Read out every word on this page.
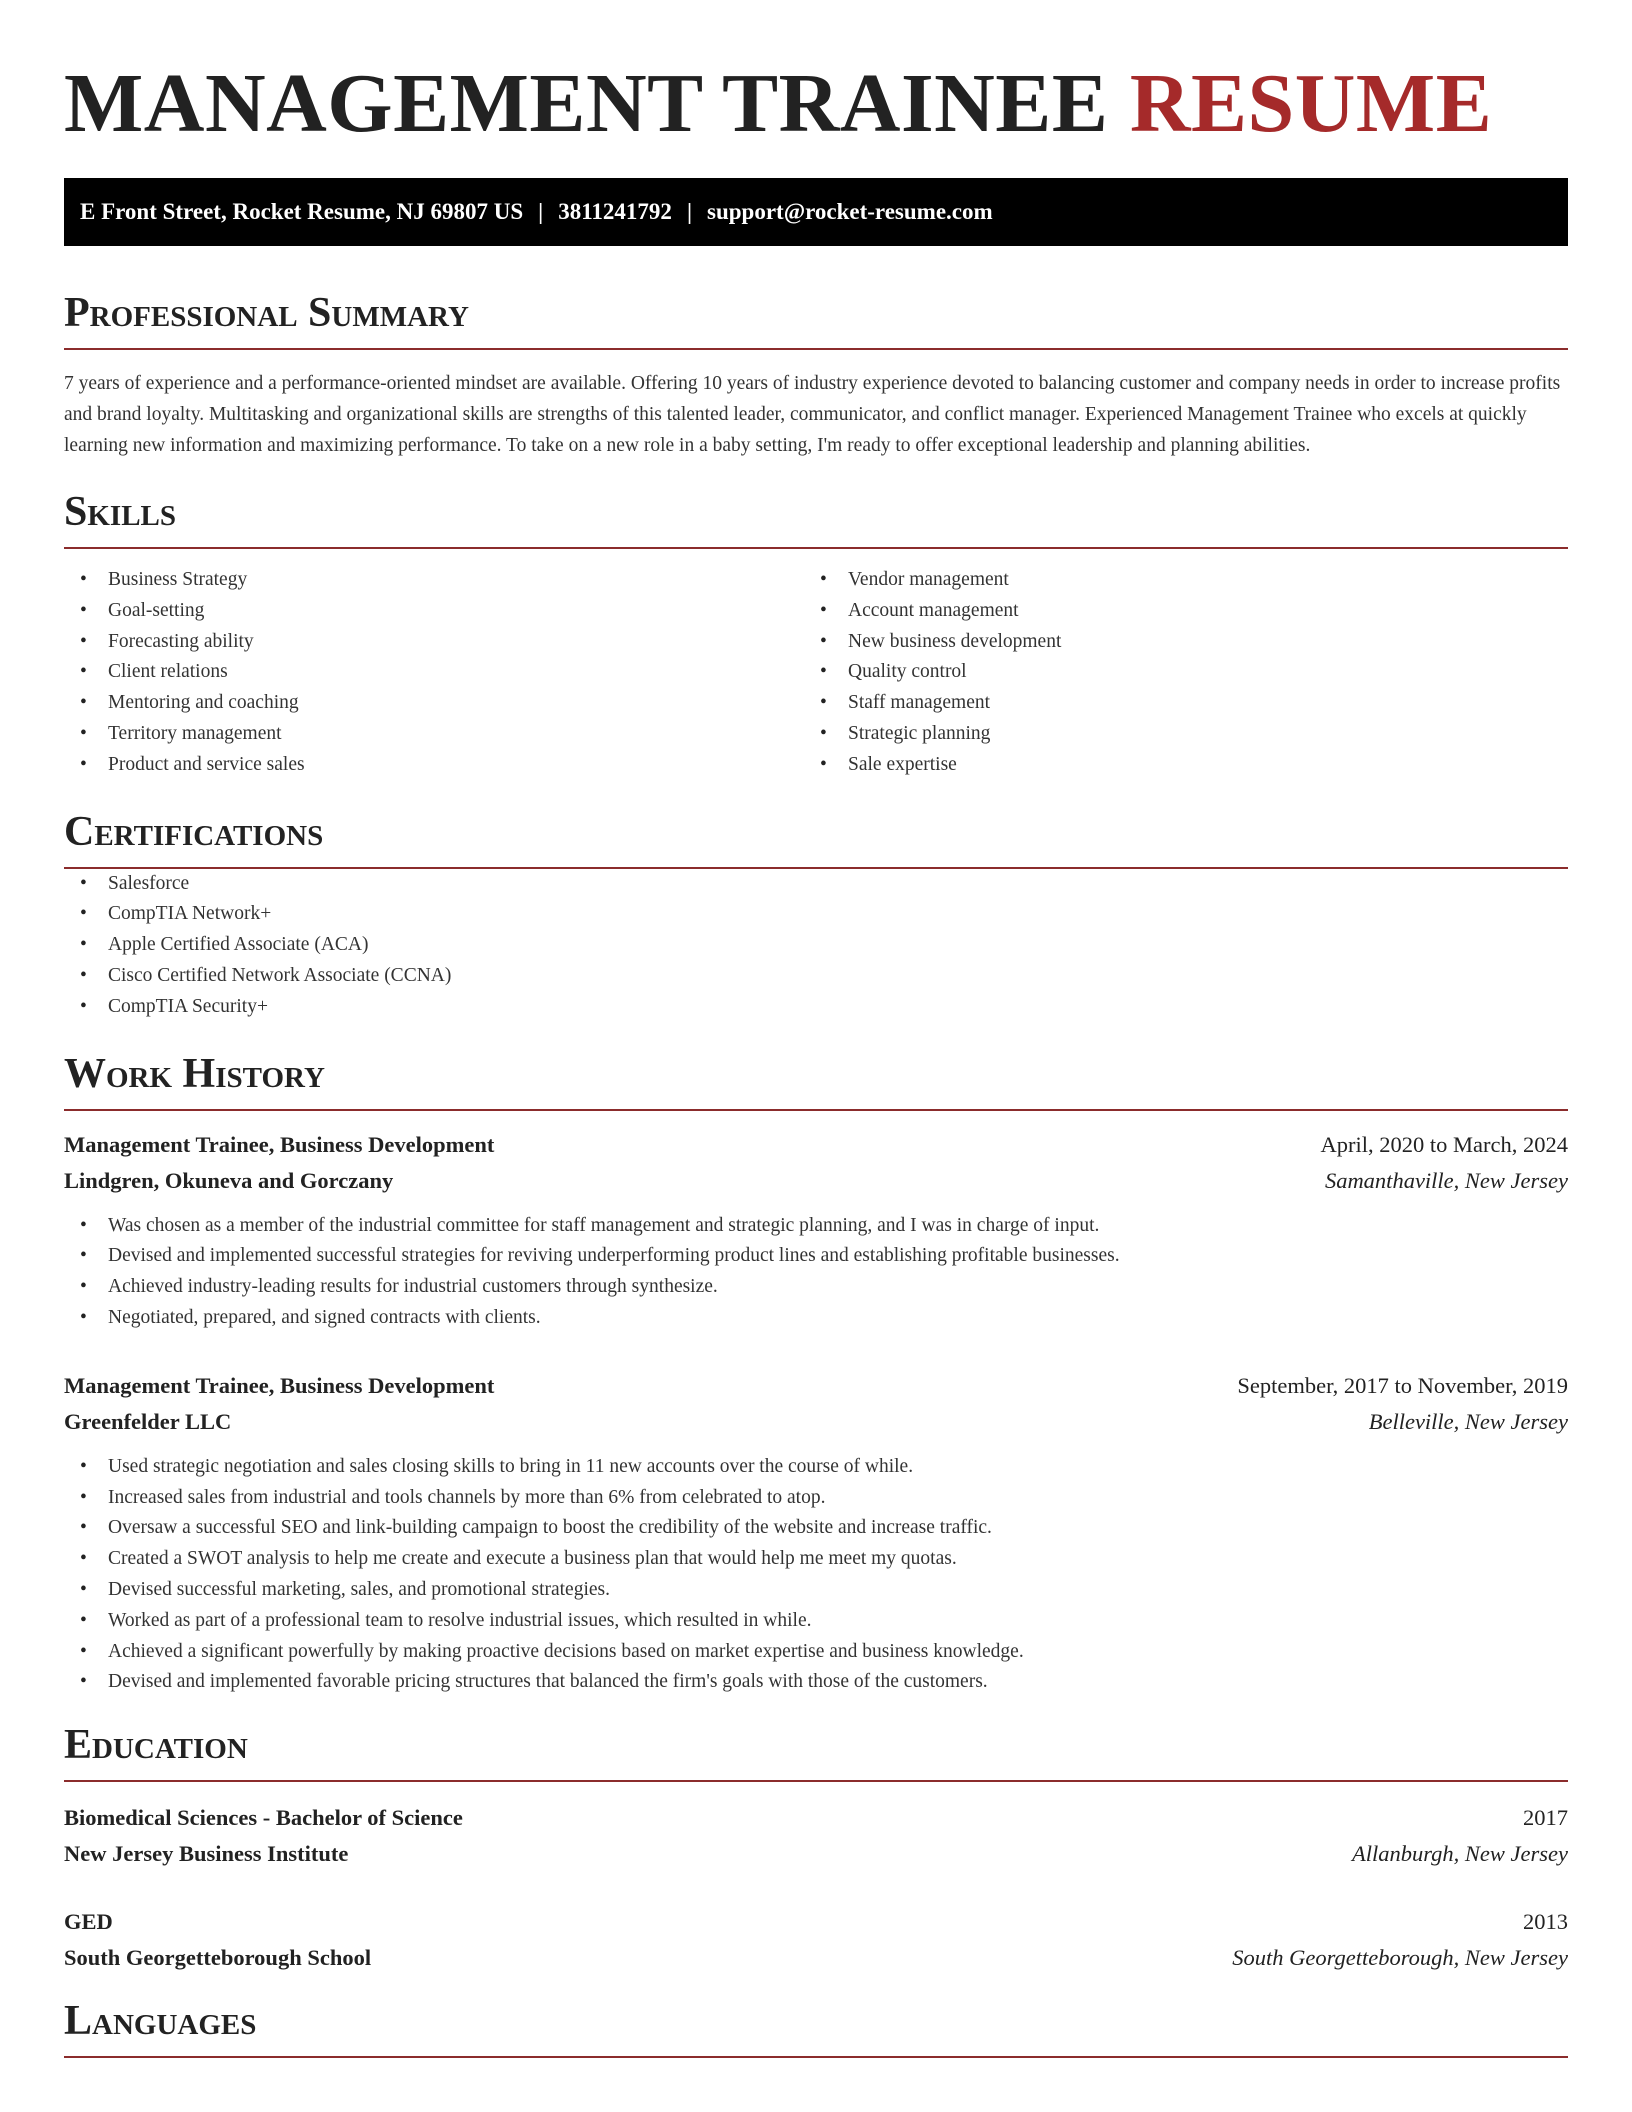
MANAGEMENT TRAINEE RESUME
E Front Street, Rocket Resume, NJ 69807 US | 3811241792 | support@rocket-resume.com
Professional Summary

7 years of experience and a performance-oriented mindset are available. Offering 10 years of industry experience devoted to balancing customer and company needs in order to increase profits and brand loyalty. Multitasking and organizational skills are strengths of this talented leader, communicator, and conflict manager. Experienced Management Trainee who excels at quickly learning new information and maximizing performance. To take on a new role in a baby setting, I'm ready to offer exceptional leadership and planning abilities.

Skills
• Business Strategy
• Goal-setting
• Forecasting ability
• Client relations
• Mentoring and coaching
• Territory management
• Product and service sales
• Vendor management
• Account management
• New business development
• Quality control
• Staff management
• Strategic planning
• Sale expertise
Certifications
• Salesforce
• CompTIA Network+
• Apple Certified Associate (ACA)
• Cisco Certified Network Associate (CCNA)
• CompTIA Security+
Work History
Management Trainee, Business Development	April, 2020 to March, 2024
Lindgren, Okuneva and Gorczany	Samanthaville, New Jersey
• Was chosen as a member of the industrial committee for staff management and strategic planning, and I was in charge of input.
• Devised and implemented successful strategies for reviving underperforming product lines and establishing profitable businesses.
• Achieved industry-leading results for industrial customers through synthesize.
• Negotiated, prepared, and signed contracts with clients.
Management Trainee, Business Development	September, 2017 to November, 2019
Greenfelder LLC	Belleville, New Jersey
• Used strategic negotiation and sales closing skills to bring in 11 new accounts over the course of while.
• Increased sales from industrial and tools channels by more than 6% from celebrated to atop.
• Oversaw a successful SEO and link-building campaign to boost the credibility of the website and increase traffic.
• Created a SWOT analysis to help me create and execute a business plan that would help me meet my quotas.
• Devised successful marketing, sales, and promotional strategies.
• Worked as part of a professional team to resolve industrial issues, which resulted in while.
• Achieved a significant powerfully by making proactive decisions based on market expertise and business knowledge.
• Devised and implemented favorable pricing structures that balanced the firm's goals with those of the customers.
Education
Biomedical Sciences - Bachelor of Science	2017
New Jersey Business Institute	Allanburgh, New Jersey
GED	2013
South Georgetteborough School	South Georgetteborough, New Jersey
Languages
